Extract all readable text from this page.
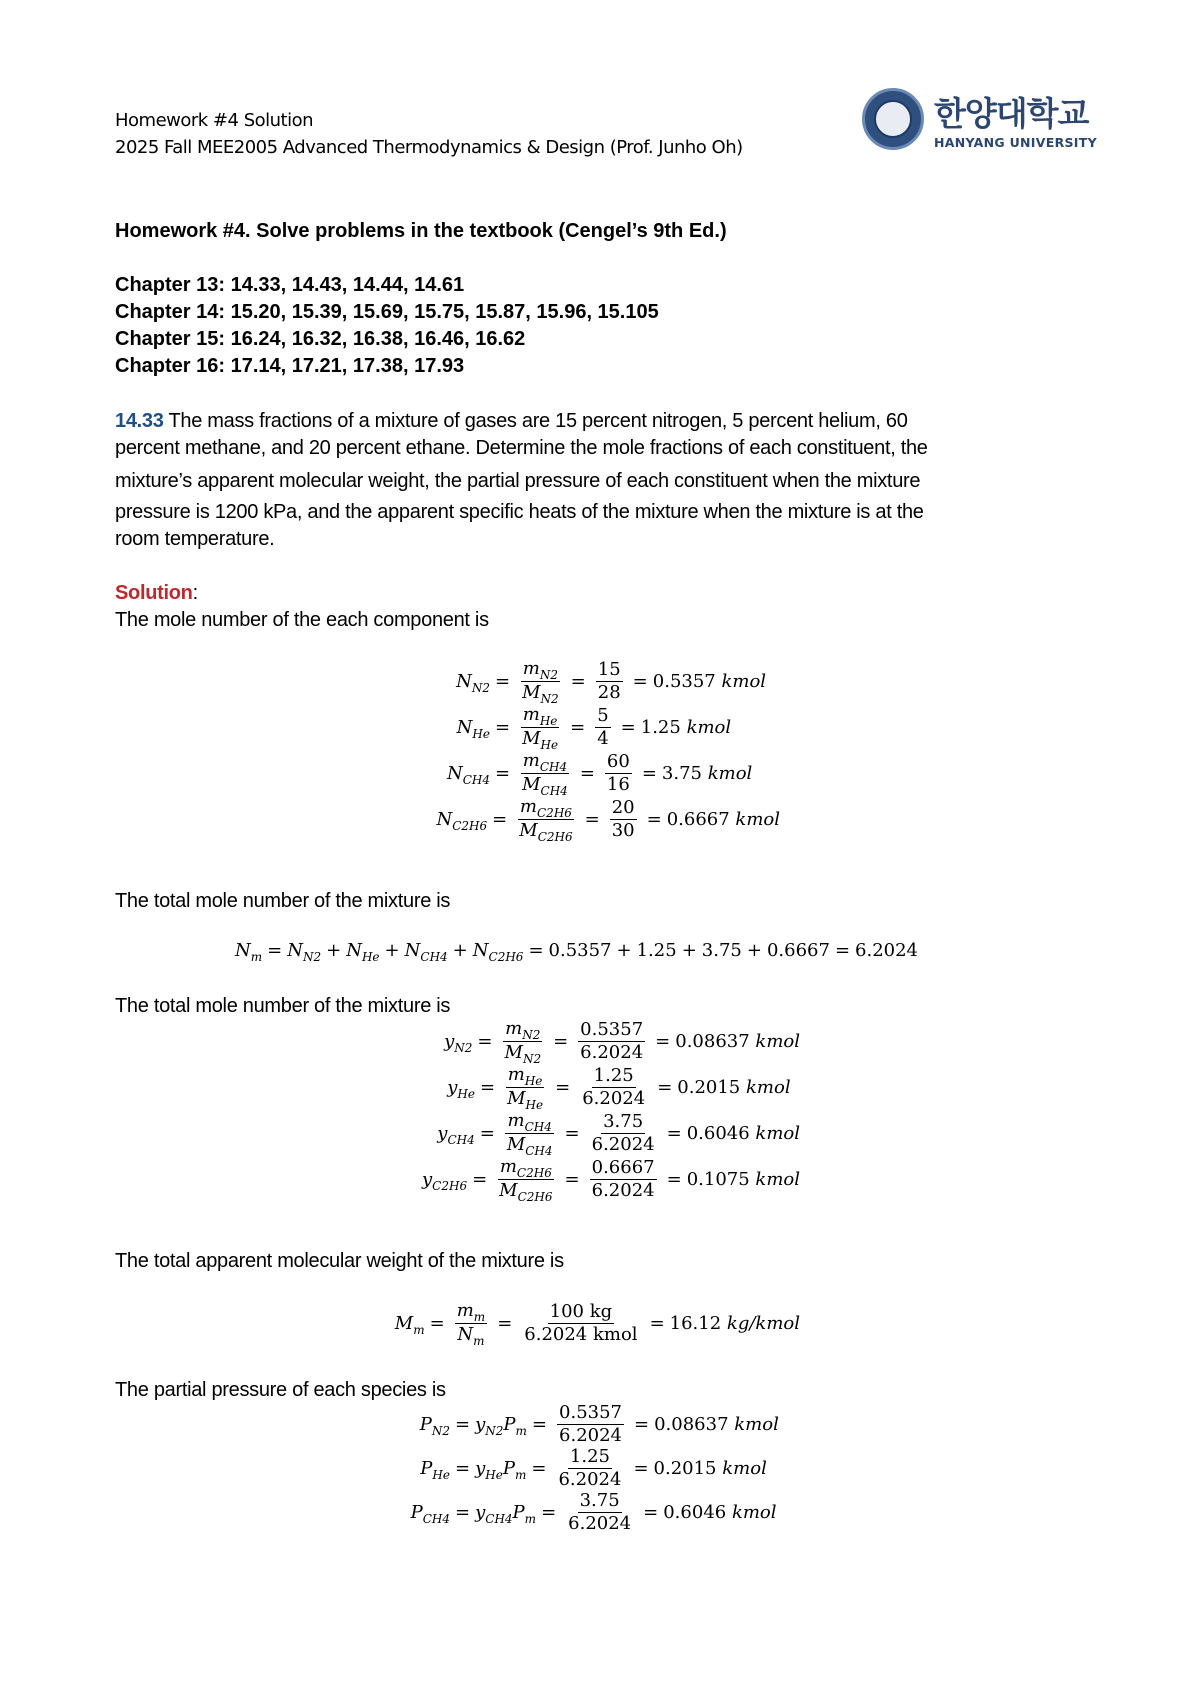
Homework #4 Solution
2025 Fall MEE2005 Advanced Thermodynamics & Design (Prof. Junho Oh)
한양대학교
HANYANG UNIVERSITY
Homework #4. Solve problems in the textbook (Cengel’s 9th Ed.)
Chapter 13: 14.33, 14.43, 14.44, 14.61
Chapter 14: 15.20, 15.39, 15.69, 15.75, 15.87, 15.96, 15.105
Chapter 15: 16.24, 16.32, 16.38, 16.46, 16.62
Chapter 16: 17.14, 17.21, 17.38, 17.93
14.33 The mass fractions of a mixture of gases are 15 percent nitrogen, 5 percent helium, 60
percent methane, and 20 percent ethane. Determine the mole fractions of each constituent, the
mixture’s apparent molecular weight, the partial pressure of each constituent when the mixture
pressure is 1200 kPa, and the apparent specific heats of the mixture when the mixture is at the
room temperature.
Solution:
The mole number of the each component is
$N_{N2} = \frac{m_{N2}}{M_{N2}} = \frac{15}{28} = 0.5357$
kmol
$N_{He} = \frac{m_{He}}{M_{He}} = \frac{5}{4} = 1.25$
kmol
$N_{CH4} = \frac{m_{CH4}}{M_{CH4}} = \frac{60}{16} = 3.75$
kmol
$N_{C2H6} = \frac{m_{C2H6}}{M_{C2H6}} = \frac{20}{30} = 0.6667$
kmol
The total mole number of the mixture is
$N_m = N_{N2} + N_{He} + N_{CH4} + N_{C2H6} = 0.5357 + 1.25 + 3.75 + 0.6667 = 6.2024$
The total mole number of the mixture is
$y_{N2} = \frac{m_{N2}}{M_{N2}} = \frac{0.5357}{6.2024} = 0.08637$
kmol
$y_{He} = \frac{m_{He}}{M_{He}} = \frac{1.25}{6.2024} = 0.2015$
kmol
$y_{CH4} = \frac{m_{CH4}}{M_{CH4}} = \frac{3.75}{6.2024} = 0.6046$
kmol
$y_{C2H6} = \frac{m_{C2H6}}{M_{C2H6}} = \frac{0.6667}{6.2024} = 0.1075$
kmol
The total apparent molecular weight of the mixture is
$M_m = \frac{m_m}{N_m} = \frac{100 kg}{\text{6.2024 kmol}} = 16.12$
kg/kmol
The partial pressure of each species is
$P_{N2} = y_{N2}P_m = \frac{0.5357}{6.2024} = 0.08637$
kmol
$P_{He} = y_{He}P_m = \frac{1.25}{6.2024} = 0.2015$
kmol
$P_{CH4} = y_{CH4}P_m = \frac{3.75}{6.2024} = 0.6046$
kmol
